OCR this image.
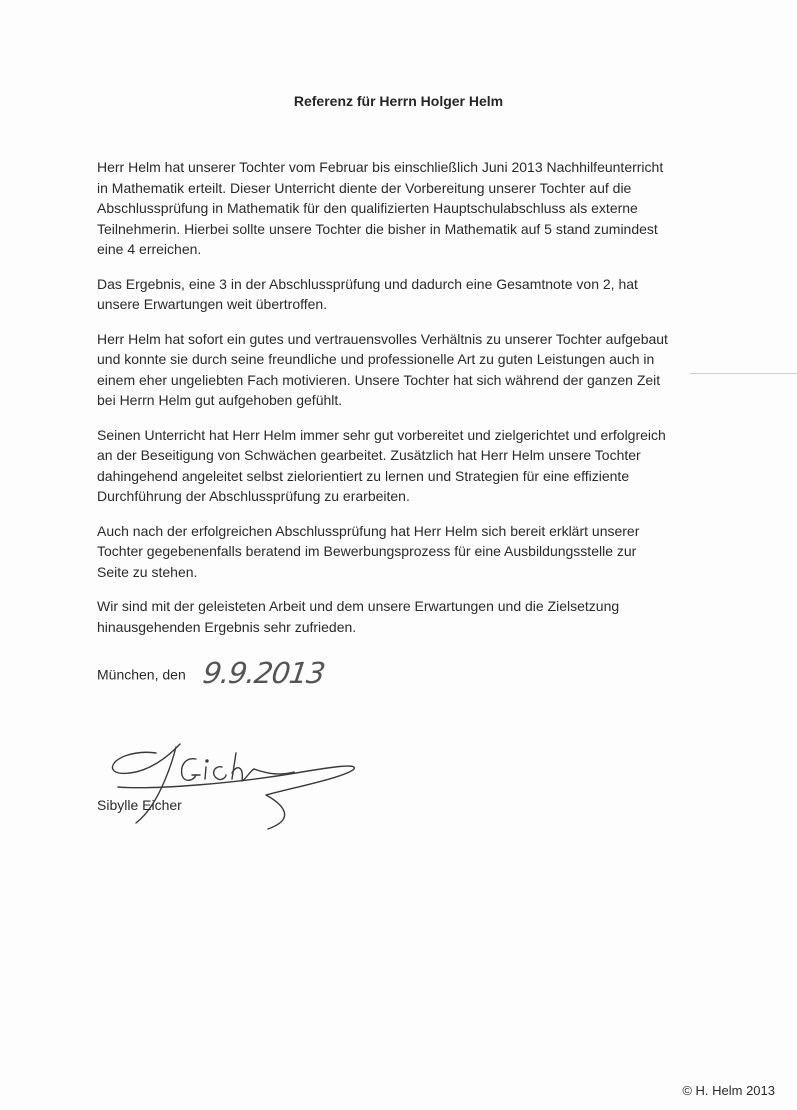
Referenz für Herrn Holger Helm

Herr Helm hat unserer Tochter vom Februar bis einschließlich Juni 2013 Nachhilfeunterricht
in Mathematik erteilt. Dieser Unterricht diente der Vorbereitung unserer Tochter auf die
Abschlussprüfung in Mathematik für den qualifizierten Hauptschulabschluss als externe
Teilnehmerin. Hierbei sollte unsere Tochter die bisher in Mathematik auf 5 stand zumindest
eine 4 erreichen.

Das Ergebnis, eine 3 in der Abschlussprüfung und dadurch eine Gesamtnote von 2, hat
unsere Erwartungen weit übertroffen.

Herr Helm hat sofort ein gutes und vertrauensvolles Verhältnis zu unserer Tochter aufgebaut
und konnte sie durch seine freundliche und professionelle Art zu guten Leistungen auch in
einem eher ungeliebten Fach motivieren. Unsere Tochter hat sich während der ganzen Zeit
bei Herrn Helm gut aufgehoben gefühlt.

Seinen Unterricht hat Herr Helm immer sehr gut vorbereitet und zielgerichtet und erfolgreich
an der Beseitigung von Schwächen gearbeitet. Zusätzlich hat Herr Helm unsere Tochter
dahingehend angeleitet selbst zielorientiert zu lernen und Strategien für eine effiziente
Durchführung der Abschlussprüfung zu erarbeiten.

Auch nach der erfolgreichen Abschlussprüfung hat Herr Helm sich bereit erklärt unserer
Tochter gegebenenfalls beratend im Bewerbungsprozess für eine Ausbildungsstelle zur
Seite zu stehen.

Wir sind mit der geleisteten Arbeit und dem unsere Erwartungen und die Zielsetzung
hinausgehenden Ergebnis sehr zufrieden.

München, den 9.9.2013
Sibylle Eicher
© H. Helm 2013
